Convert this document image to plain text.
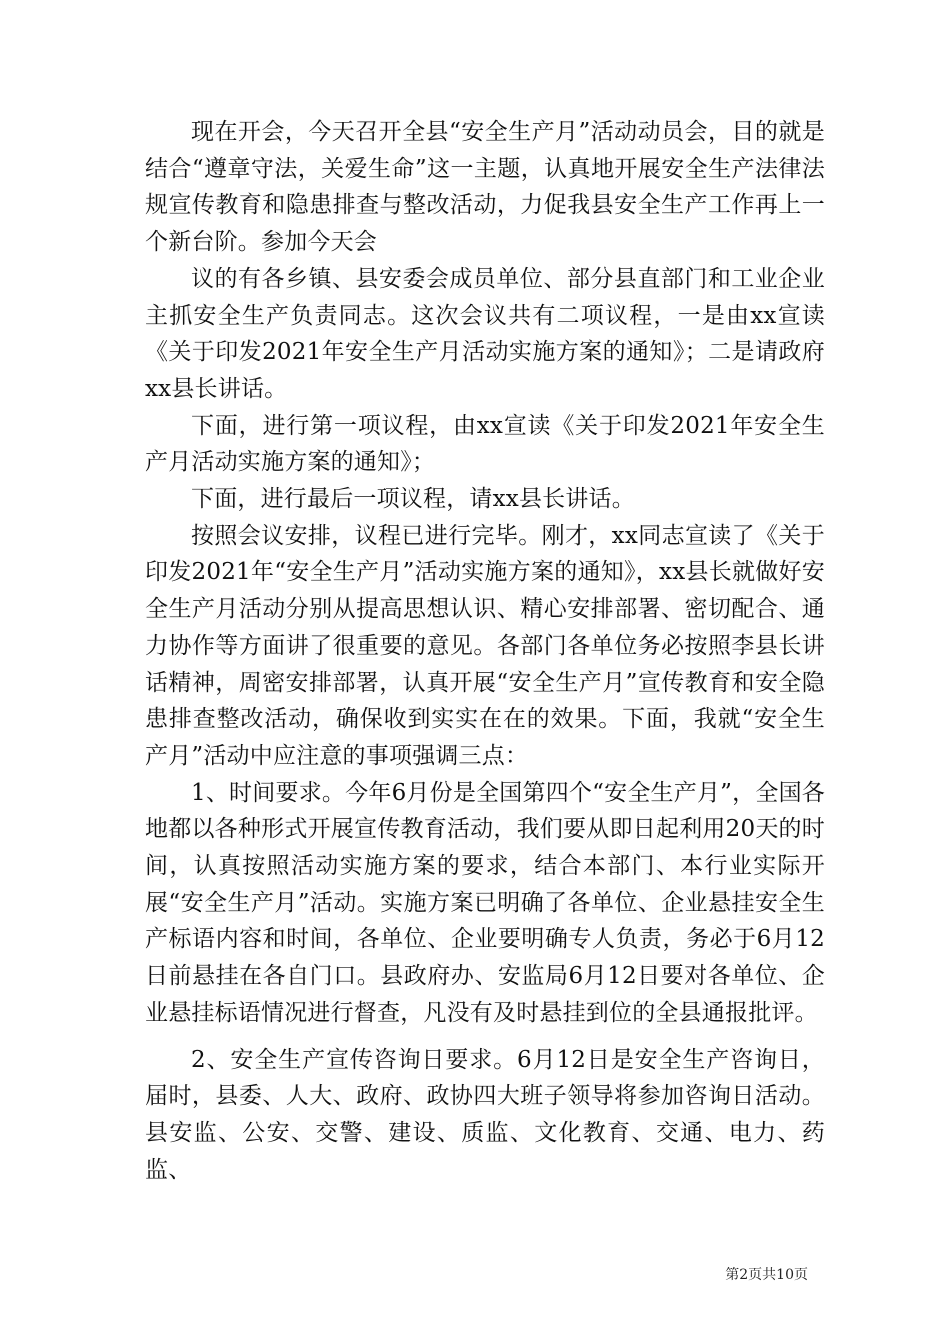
现在开会，今天召开全县“安全生产月”活动动员会，目的就是结合“遵章守法，关爱生命”这一主题，认真地开展安全生产法律法规宣传教育和隐患排查与整改活动，力促我县安全生产工作再上一个新台阶。参加今天会

议的有各乡镇、县安委会成员单位、部分县直部门和工业企业主抓安全生产负责同志。这次会议共有二项议程，一是由xx宣读《关于印发2021年安全生产月活动实施方案的通知》；二是请政府xx县长讲话。

下面，进行第一项议程，由xx宣读《关于印发2021年安全生产月活动实施方案的通知》；

下面，进行最后一项议程，请xx县长讲话。

按照会议安排，议程已进行完毕。刚才，xx同志宣读了《关于印发2021年“安全生产月”活动实施方案的通知》，xx县长就做好安全生产月活动分别从提高思想认识、精心安排部署、密切配合、通力协作等方面讲了很重要的意见。各部门各单位务必按照李县长讲话精神，周密安排部署，认真开展“安全生产月”宣传教育和安全隐患排查整改活动，确保收到实实在在的效果。下面，我就“安全生产月”活动中应注意的事项强调三点：

1、时间要求。今年6月份是全国第四个“安全生产月”，全国各地都以各种形式开展宣传教育活动，我们要从即日起利用20天的时间，认真按照活动实施方案的要求，结合本部门、本行业实际开展“安全生产月”活动。实施方案已明确了各单位、企业悬挂安全生产标语内容和时间，各单位、企业要明确专人负责，务必于6月12日前悬挂在各自门口。县政府办、安监局6月12日要对各单位、企业悬挂标语情况进行督查，凡没有及时悬挂到位的全县通报批评。

2、安全生产宣传咨询日要求。6月12日是安全生产咨询日，届时，县委、人大、政府、政协四大班子领导将参加咨询日活动。县安监、公安、交警、建设、质监、文化教育、交通、电力、药监、

第2页共10页
